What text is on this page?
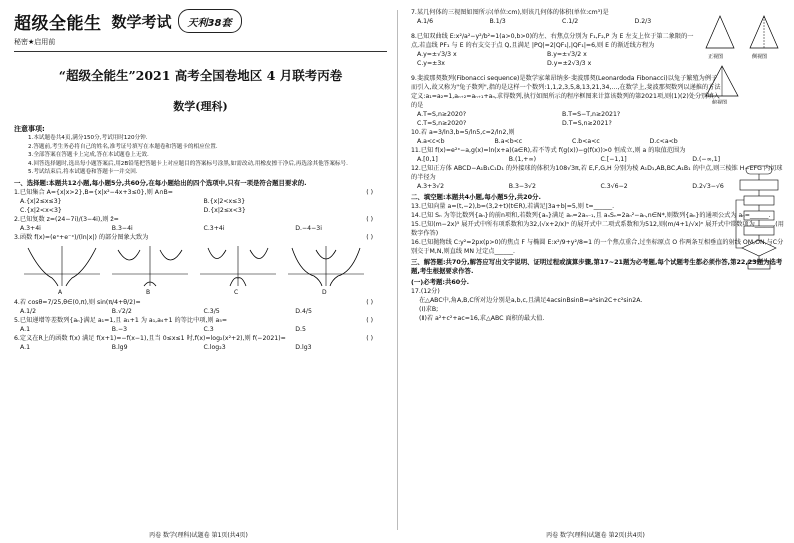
超级全能生 数学考试	天利38套
秘密★启用前
“超级全能生”2021 高考全国卷地区 4 月联考丙卷
数学(理科)
注意事项:
1.本试题卷共4页,满分150分,考试用时120分钟.
2.答题前,考生务必将自己的姓名,准考证号填写在本题卷和答题卡的相应位置.
3.全部答案在答题卡上完成,答在本试题卷上无效.
4.回答选择题时,选出每小题答案后,用2B铅笔把答题卡上对应题目的答案标号涂黑,如需改动,用橡皮擦干净后,再选涂其他答案标号.
5.考试结束后,将本试题卷和答题卡一并交回.
一、选择题:本题共12小题,每小题5分,共60分,在每小题给出的四个选项中,只有一项是符合题目要求的.
1.已知集合 A={x|x>2},B={x|x²−4x+3≤0},则 A∩B=	( )
A.{x|2≤x≤3}	B.{x|2<x≤3}
C.{x|2<x<3}	D.{x|2≤x<3}
2.已知复数 z=(24−7i)/(3−4i),则 z̄=	( )
A.3+4i	B.3−4i	C.3+4i	D.−4−3i
3.函数 f(x)=(eˣ+e⁻ˣ)/(ln|x|) 的部分图象大致为	( )
A	B	C	D
4.若 cosθ=7/25,θ∈(0,π),则 sin(π/4+θ/2)=	( )
A.1/2	B.√2/2	C.3/5	D.4/5
5.已知递增等差数列{aₙ}满足 a₁=1,且 a₁+1 为 a₁,a₄+1 的等比中项,则 a₅=	( )
A.1	B.−3	C.3	D.5
6.定义在R上的函数 f(x) 满足 f(x+1)=−f(x−1),且当 0≤x≤1 时,f(x)=log₂(x²+2),则 f(−2021)=	( )
A.1	B.lg9	C.log₂3	D.lg3
丙卷 数学(理科)试题卷 第1页(共4页)
正视图	侧视图
俯视图
7.某几何体的三视图如图所示(单位:cm),则该几何体的体积(单位:cm³)是
A.1/6	B.1/3	C.1/2	D.2/3
8.已知双曲线 E:x²/a²−y²/b²=1(a>0,b>0)的左、右焦点分别为 F₁,F₂,P 为 E 左支上位于第二象限的一点,若直线 PF₁ 与 E 的右支交于点 Q,且满足 |PQ|=2|QF₁|,|QF₁|=6,则 E 的渐近线方程为
A.y=±√3/3 x	B.y=±√3/2 x
C.y=±3x	D.y=±2√3/3 x
9.斐波那契数列(Fibonacci sequence)是数学家莱昂纳多·斐波那契(Leonardoda Fibonacci)以兔子繁殖为例子而引入,故又称为"兔子数列",指的是这样一个数列:1,1,2,3,5,8,13,21,34,…,在数学上,斐波那契数列以递推的方法定义:a₁=a₂=1,aₙ₊₂=aₙ₊₁+aₙ,求得数列,执行如图所示的程序框图来计算该数列的第2021项,则(1)(2)处分别填入的是
A.T=S,n≥2020?	B.T=S−T,n≥2021?
C.T=S,n≥2020?	D.T=S,n≥2021?
10.若 a=3/ln3,b=5/ln5,c=2/ln2,则
A.a<c<b	B.a<b<c	C.b<a<c	D.c<a<b
11.已知 f(x)=e²ˣ−a,g(x)=ln(x+a)(a∈R),若不等式 f(g(x))−g(f(x))>0 恒成立,则 a 的取值范围为
A.[0,1]	B.(1,+∞)	C.[−1,1]	D.(−∞,1]
12.已知正方体 ABCD−A₁B₁C₁D₁ 的外接球的体积为108√3π,若 E,F,G,H 分别为棱 A₁D₁,AB,BC,A₁B₁ 的中点,则三棱锥 H−EFG 内切球的半径为
A.3+3√2	B.3−3√2	C.3√6−2	D.2√3−√6
二、填空题:本题共4小题,每小题5分,共20分.
13.已知向量 a=(t,−2),b=(3,2+t)(t∈R),若满足|3a+b|=5,则 t=______.
14.已知 Sₙ 为等比数列{aₙ}的前n项和,若数列{aₙ}满足 aₙ=2aₙ₋₁,且 aₙSₙ=2aₙ²−aₙ,n∈N*,则数列{aₙ}的通项公式为 aₙ=______.
15.已知(m−2x)⁵ 展开式中所有项系数和为32,(√x+2/x)ⁿ 的展开式中二项式系数和为512,则(m/4+1/√x)ⁿ 展开式中常数项为______.(用数字作答)
16.已知抛物线 C:y²=2px(p>0)的焦点 F 与椭圆 E:x²/9+y²/8=1 的一个焦点重合,过坐标原点 O 作两条互相垂直的射线 OM,ON,与C分别交于M,N,则直线 MN 过定点______.
三、解答题:共70分,解答应写出文字说明、证明过程或演算步骤,第17~21题为必考题,每个试题考生都必须作答,第22,23题为选考题,考生根据要求作答.
(一)必考题:共60分.
17.(12分)
在△ABC中,角A,B,C所对边分别是a,b,c,且满足4acsinBsinB=a²sin2C+c²sin2A.
(Ⅰ)求B;
(Ⅱ)若 a²+c²+ac=16,求△ABC 面积的最大值.
丙卷 数学(理科)试题卷 第2页(共4页)
